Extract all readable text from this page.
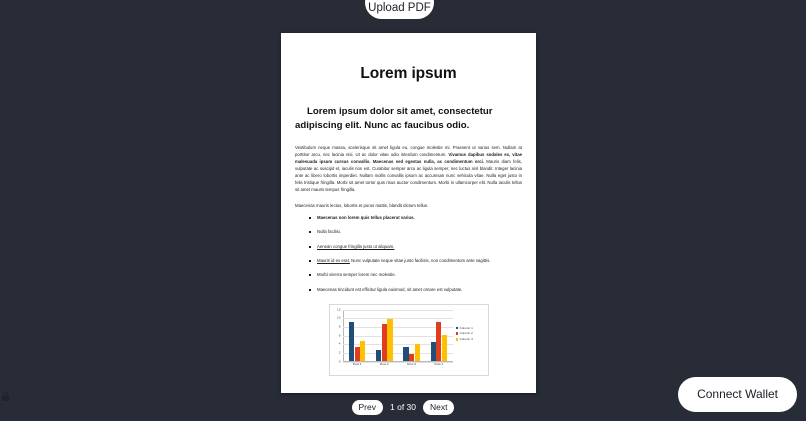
Upload PDF
Lorem ipsum
Lorem ipsum dolor sit amet, consectetur adipiscing elit. Nunc ac faucibus odio.

Vestibulum neque massa, scelerisque sit amet ligula eu, congue molestie mi. Praesent ut varius sem. Nullam at porttitor arcu, nec lacinia nisi. Ut ac dolor vitae odio interdum condimentum. Vivamus dapibus sodales ex, vitae malesuada ipsum cursus convallis. Maecenas sed egestas nulla, ac condimentum orci. Mauris diam felis, vulputate ac suscipit et, iaculis non est. Curabitur semper arcu ac ligula semper, nec luctus nisl blandit. Integer lacinia ante ac libero lobortis imperdiet. Nullam mollis convallis ipsum ac accumsan nunc vehicula vitae. Nulla eget justo in felis tristique fringilla. Morbi sit amet tortor quis risus auctor condimentum. Morbi in ullamcorper elit. Nulla iaculis tellus sit amet mauris tempus fringilla.

Maecenas mauris lectus, lobortis et purus mattis, blandit dictum tellus.

Maecenas non lorem quis tellus placerat varius.
Nulla facilisi.
Aenean congue fringilla justo ut aliquam.
Mauris id ex erat. Nunc vulputate neque vitae justo facilisis, non condimentum ante sagittis.
Morbi viverra semper lorem nec molestie.
Maecenas tincidunt est efficitur ligula euismod, sit amet ornare est vulputate.
0
2
4
6
8
10
12
Row 1	Row 2	Row 3	Row 4
Column 1
Column 2
Column 3
Prev	1 of 30	Next
Connect Wallet
